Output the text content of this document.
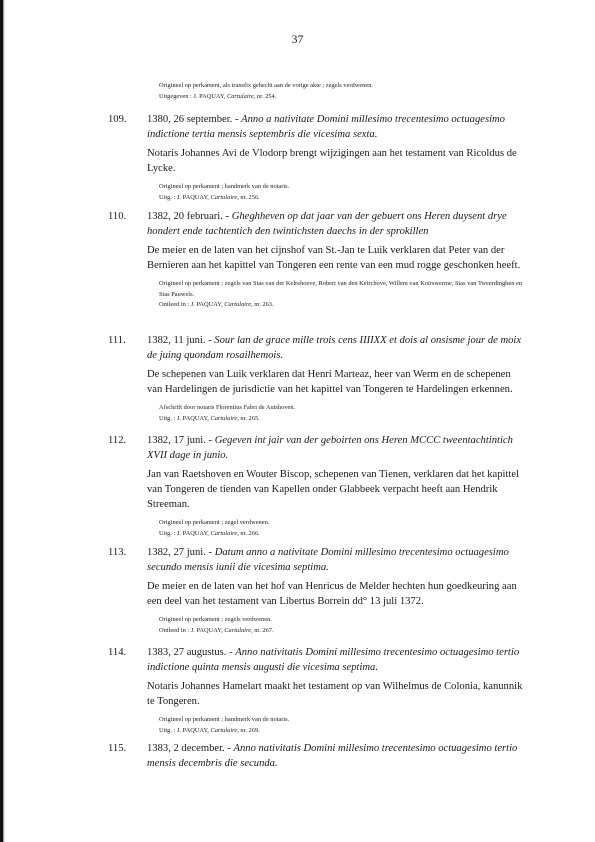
37
Origineel op perkament, als transfix gehecht aan de vorige akte ; zegels verdwenen.
Uitgegeven : J. PAQUAY, Cartulaire, nr. 254.
109. 1380, 26 september. - Anno a nativitate Domini millesimo trecentesimo octuagesimo indictione tertia mensis septembris die vicesima sexta.
Notaris Johannes Avi de Vlodorp brengt wijzigingen aan het testament van Ricoldus de Lycke.
Origineel op perkament ; handmerk van de notaris.
Uitg. : J. PAQUAY, Cartulaire, nr. 256.
110. 1382, 20 februari. - Gheghheven op dat jaar van der gebuert ons Heren duysent drye hondert ende tachtentich den twintichsten daechs in der sprokillen
De meier en de laten van het cijnshof van St.-Jan te Luik verklaren dat Peter van der Bernieren aan het kapittel van Tongeren een rente van een mud rogge geschonken heeft.
Origineel op perkament ; zegels van Stas van der Kelrehoeve, Robert van den Keirchove, Willem van Koirswerme, Stas van Tweerdinghen en Stas Pauwels.
Ontleed in : J. PAQUAY, Cartulaire, nr. 263.
111. 1382, 11 juni. - Sour lan de grace mille trois cens IIIIXX et dois al onsisme jour de moix de juing quondam rosailhemois.
De schepenen van Luik verklaren dat Henri Marteaz, heer van Werm en de schepenen van Hardelingen de jurisdictie van het kapittel van Tongeren te Hardelingen erkennen.
Afschrift door notaris Florentius Fabri de Autshoven.
Uitg. : J. PAQUAY, Cartulaire, nr. 265.
112. 1382, 17 juni. - Gegeven int jair van der geboirten ons Heren MCCC tweentachtintich XVII dage in junio.
Jan van Raetshoven en Wouter Biscop, schepenen van Tienen, verklaren dat het kapittel van Tongeren de tienden van Kapellen onder Glabbeek verpacht heeft aan Hendrik Streeman.
Origineel op perkament ; zegel verdwenen.
Uitg. : J. PAQUAY, Cartulaire, nr. 266.
113. 1382, 27 juni. - Datum anno a nativitate Domini millesimo trecentesimo octuagesimo secundo mensis iunii die vicesima septima.
De meier en de laten van het hof van Henricus de Melder hechten hun goedkeuring aan een deel van het testament van Libertus Borrein dd° 13 juli 1372.
Origineel op perkament ; zegels verdwenen.
Ontleed in : J. PAQUAY, Cartulaire, nr. 267.
114. 1383, 27 augustus. - Anno nativitatis Domini millesimo trecentesimo octuagesimo tertio indictione quinta mensis augusti die vicesima septima.
Notaris Johannes Hamelart maakt het testament op van Wilhelmus de Colonia, kanunnik te Tongeren.
Origineel op perkament ; handmerk van de notaris.
Uitg. : J. PAQUAY, Cartulaire, nr. 269.
115. 1383, 2 december. - Anno nativitatis Domini millesimo trecentesimo octuagesimo tertio mensis decembris die secunda.
